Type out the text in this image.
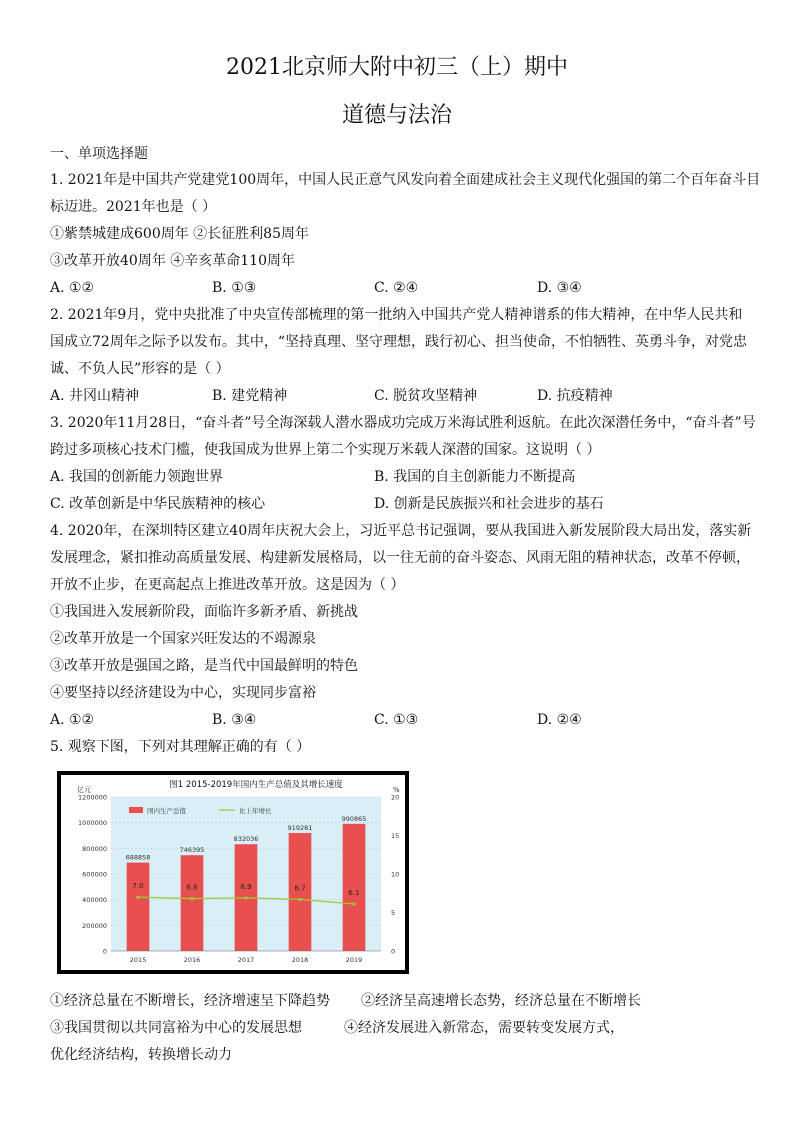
2021北京师大附中初三（上）期中
道德与法治
一、单项选择题
1. 2021年是中国共产党建党100周年，中国人民正意气风发向着全面建成社会主义现代化强国的第二个百年奋斗目
标迈进。2021年也是（ ）
①紫禁城建成600周年 ②长征胜利85周年
③改革开放40周年 ④辛亥革命110周年
A. ①②	B. ①③	C. ②④	D. ③④
2. 2021年9月，党中央批准了中央宣传部梳理的第一批纳入中国共产党人精神谱系的伟大精神，在中华人民共和
国成立72周年之际予以发布。其中，“坚持真理、坚守理想，践行初心、担当使命，不怕牺牲、英勇斗争，对党忠
诚、不负人民”形容的是（ ）
A. 井冈山精神	B. 建党精神	C. 脱贫攻坚精神	D. 抗疫精神
3. 2020年11月28日，“奋斗者”号全海深载人潜水器成功完成万米海试胜利返航。在此次深潜任务中，“奋斗者”号
跨过多项核心技术门槛，使我国成为世界上第二个实现万米载人深潜的国家。这说明（ ）
A. 我国的创新能力领跑世界	B. 我国的自主创新能力不断提高
C. 改革创新是中华民族精神的核心	D. 创新是民族振兴和社会进步的基石
4. 2020年，在深圳特区建立40周年庆祝大会上，习近平总书记强调，要从我国进入新发展阶段大局出发，落实新
发展理念，紧扣推动高质量发展、构建新发展格局，以一往无前的奋斗姿态、风雨无阻的精神状态，改革不停顿，
开放不止步，在更高起点上推进改革开放。这是因为（ ）
①我国进入发展新阶段，面临许多新矛盾、新挑战
②改革开放是一个国家兴旺发达的不竭源泉
③改革开放是强国之路，是当代中国最鲜明的特色
④要坚持以经济建设为中心，实现同步富裕
A. ①②	B. ③④	C. ①③	D. ②④
5. 观察下图，下列对其理解正确的有（ ）
图1 2015-2019年国内生产总值及其增长速度
亿元	%
0
200000
400000
600000
800000
1000000
1200000
0
5
10
15
20
国内生产总值	比上年增长
688858
746395
832036
919281
990865
7.0	6.8	6.9	6.7
6.1
2015	2016	2017	2018	2019
①经济总量在不断增长，经济增速呈下降趋势 ②经济呈高速增长态势，经济总量在不断增长
③我国贯彻以共同富裕为中心的发展思想	④经济发展进入新常态，需要转变发展方式，
优化经济结构，转换增长动力
